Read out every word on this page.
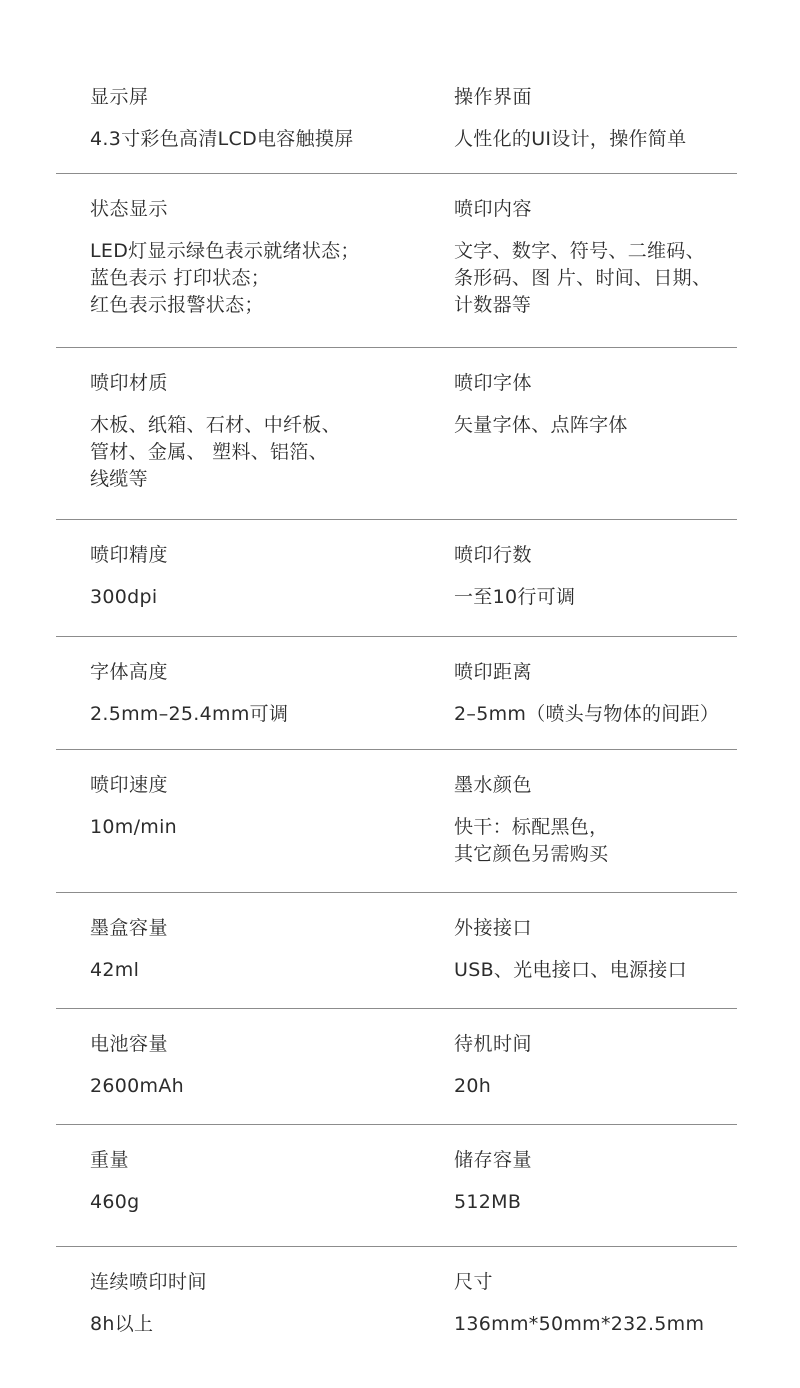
显示屏
4.3寸彩色高清LCD电容触摸屏
操作界面
人性化的UI设计，操作简单
状态显示
LED灯显示绿色表示就绪状态；
蓝色表示 打印状态；
红色表示报警状态；
喷印内容
文字、数字、符号、二维码、
条形码、图 片、时间、日期、
计数器等
喷印材质
木板、纸箱、石材、中纤板、
管材、金属、 塑料、铝箔、
线缆等
喷印字体
矢量字体、点阵字体
喷印精度
300dpi
喷印行数
一至10行可调
字体高度
2.5mm–25.4mm可调
喷印距离
2–5mm（喷头与物体的间距）
喷印速度
10m/min
墨水颜色
快干：标配黑色，
其它颜色另需购买
墨盒容量
42ml
外接接口
USB、光电接口、电源接口
电池容量
2600mAh
待机时间
20h
重量
460g
储存容量
512MB
连续喷印时间
8h以上
尺寸
136mm*50mm*232.5mm
